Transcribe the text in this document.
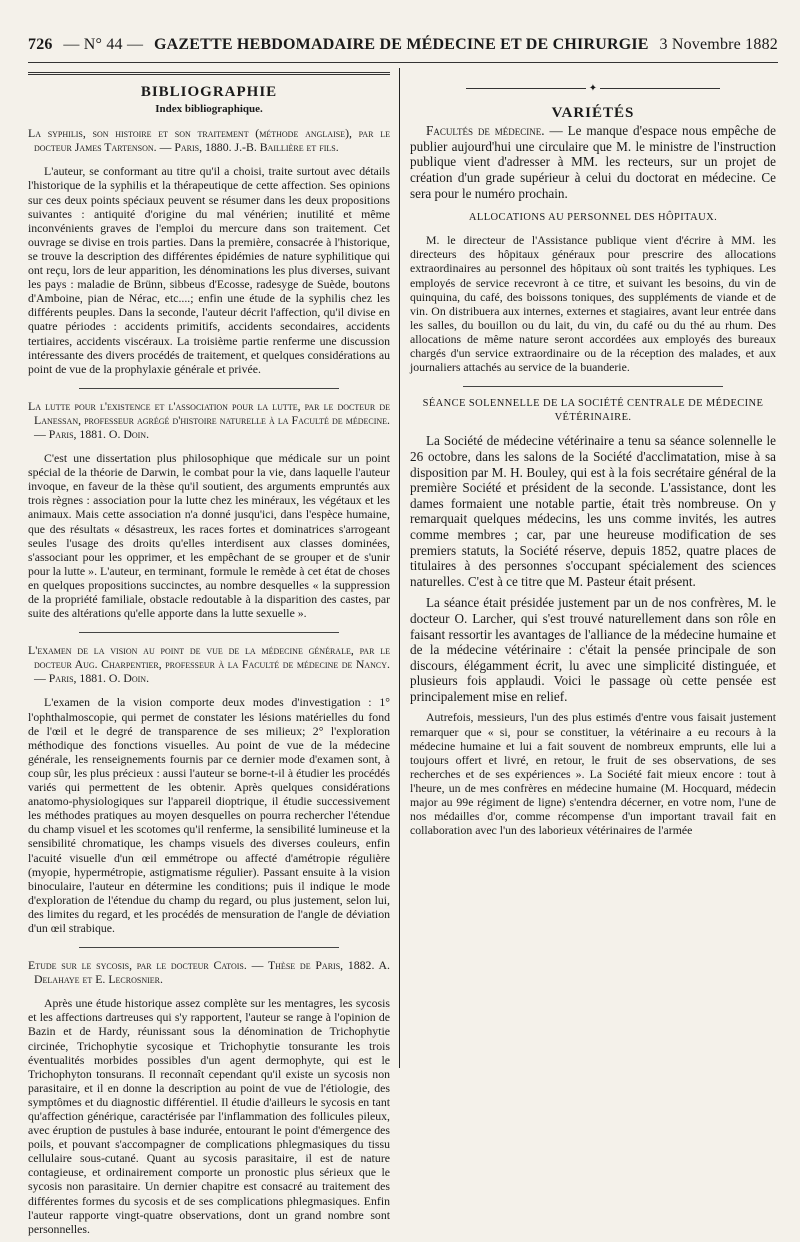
726 — N° 44 — GAZETTE HEBDOMADAIRE DE MÉDECINE ET DE CHIRURGIE 3 Novembre 1882
BIBLIOGRAPHIE
Index bibliographique.
La syphilis, son histoire et son traitement (méthode anglaise), par le docteur James Tartenson. — Paris, 1880. J.-B. Baillière et fils.

L'auteur, se conformant au titre qu'il a choisi, traite surtout avec détails l'historique de la syphilis et la thérapeutique de cette affection. Ses opinions sur ces deux points spéciaux peuvent se résumer dans les deux propositions suivantes : antiquité d'origine du mal vénérien; inutilité et même inconvénients graves de l'emploi du mercure dans son traitement. Cet ouvrage se divise en trois parties. Dans la première, consacrée à l'historique, se trouve la description des différentes épidémies de nature syphilitique qui ont reçu, lors de leur apparition, les dénominations les plus diverses, suivant les pays : maladie de Brünn, sibbeus d'Ecosse, radesyge de Suède, boutons d'Amboine, pian de Nérac, etc....; enfin une étude de la syphilis chez les différents peuples. Dans la seconde, l'auteur décrit l'affection, qu'il divise en quatre périodes : accidents primitifs, accidents secondaires, accidents tertiaires, accidents viscéraux. La troisième partie renferme une discussion intéressante des divers procédés de traitement, et quelques considérations au point de vue de la prophylaxie générale et privée.

La lutte pour l'existence et l'association pour la lutte, par le docteur de Lanessan, professeur agrégé d'histoire naturelle à la Faculté de médecine. — Paris, 1881. O. Doin.

C'est une dissertation plus philosophique que médicale sur un point spécial de la théorie de Darwin, le combat pour la vie, dans laquelle l'auteur invoque, en faveur de la thèse qu'il soutient, des arguments empruntés aux trois règnes : association pour la lutte chez les minéraux, les végétaux et les animaux. Mais cette association n'a donné jusqu'ici, dans l'espèce humaine, que des résultats « désastreux, les races fortes et dominatrices s'arrogeant seules l'usage des droits qu'elles interdisent aux classes dominées, s'associant pour les opprimer, et les empêchant de se grouper et de s'unir pour la lutte ». L'auteur, en terminant, formule le remède à cet état de choses en quelques propositions succinctes, au nombre desquelles « la suppression de la propriété familiale, obstacle redoutable à la disparition des castes, par suite des altérations qu'elle apporte dans la lutte sexuelle ».

L'examen de la vision au point de vue de la médecine générale, par le docteur Aug. Charpentier, professeur à la Faculté de médecine de Nancy. — Paris, 1881. O. Doin.

L'examen de la vision comporte deux modes d'investigation : 1° l'ophthalmoscopie, qui permet de constater les lésions matérielles du fond de l'œil et le degré de transparence de ses milieux; 2° l'exploration méthodique des fonctions visuelles. Au point de vue de la médecine générale, les renseignements fournis par ce dernier mode d'examen sont, à coup sûr, les plus précieux : aussi l'auteur se borne-t-il à étudier les procédés variés qui permettent de les obtenir. Après quelques considérations anatomo-physiologiques sur l'appareil dioptrique, il étudie successivement les méthodes pratiques au moyen desquelles on pourra rechercher l'étendue du champ visuel et les scotomes qu'il renferme, la sensibilité lumineuse et la sensibilité chromatique, les champs visuels des diverses couleurs, enfin l'acuité visuelle d'un œil emmétrope ou affecté d'amétropie régulière (myopie, hypermétropie, astigmatisme régulier). Passant ensuite à la vision binoculaire, l'auteur en détermine les conditions; puis il indique le mode d'exploration de l'étendue du champ du regard, ou plus justement, selon lui, des limites du regard, et les procédés de mensuration de l'angle de déviation d'un œil strabique.

Etude sur le sycosis, par le docteur Catois. — Thèse de Paris, 1882. A. Delahaye et E. Lecrosnier.

Après une étude historique assez complète sur les mentagres, les sycosis et les affections dartreuses qui s'y rapportent, l'auteur se range à l'opinion de Bazin et de Hardy, réunissant sous la dénomination de Trichophytie circinée, Trichophytie sycosique et Trichophytie tonsurante les trois éventualités morbides possibles d'un agent dermophyte, qui est le Trichophyton tonsurans. Il reconnaît cependant qu'il existe un sycosis non parasitaire, et il en donne la description au point de vue de l'étiologie, des symptômes et du diagnostic différentiel. Il étudie d'ailleurs le sycosis en tant qu'affection générique, caractérisée par l'inflammation des follicules pileux, avec éruption de pustules à base indurée, entourant le point d'émergence des poils, et pouvant s'accompagner de complications phlegmasiques du tissu cellulaire sous-cutané. Quant au sycosis parasitaire, il est de nature contagieuse, et ordinairement comporte un pronostic plus sérieux que le sycosis non parasitaire. Un dernier chapitre est consacré au traitement des différentes formes du sycosis et de ses complications phlegmasiques. Enfin l'auteur rapporte vingt-quatre observations, dont un grand nombre sont personnelles.

✦
VARIÉTÉS

Facultés de médecine. — Le manque d'espace nous empêche de publier aujourd'hui une circulaire que M. le ministre de l'instruction publique vient d'adresser à MM. les recteurs, sur un projet de création d'un grade supérieur à celui du doctorat en médecine. Ce sera pour le numéro prochain.

ALLOCATIONS AU PERSONNEL DES HÔPITAUX.

M. le directeur de l'Assistance publique vient d'écrire à MM. les directeurs des hôpitaux généraux pour prescrire des allocations extraordinaires au personnel des hôpitaux où sont traités les typhiques. Les employés de service recevront à ce titre, et suivant les besoins, du vin de quinquina, du café, des boissons toniques, des suppléments de viande et de vin. On distribuera aux internes, externes et stagiaires, avant leur entrée dans les salles, du bouillon ou du lait, du vin, du café ou du thé au rhum. Des allocations de même nature seront accordées aux employés des bureaux chargés d'un service extraordinaire ou de la réception des malades, et aux journaliers attachés au service de la buanderie.

SÉANCE SOLENNELLE DE LA SOCIÉTÉ CENTRALE DE MÉDECINE VÉTÉRINAIRE.

La Société de médecine vétérinaire a tenu sa séance solennelle le 26 octobre, dans les salons de la Société d'acclimatation, mise à sa disposition par M. H. Bouley, qui est à la fois secrétaire général de la première Société et président de la seconde. L'assistance, dont les dames formaient une notable partie, était très nombreuse. On y remarquait quelques médecins, les uns comme invités, les autres comme membres ; car, par une heureuse modification de ses premiers statuts, la Société réserve, depuis 1852, quatre places de titulaires à des personnes s'occupant spécialement des sciences naturelles. C'est à ce titre que M. Pasteur était présent.

La séance était présidée justement par un de nos confrères, M. le docteur O. Larcher, qui s'est trouvé naturellement dans son rôle en faisant ressortir les avantages de l'alliance de la médecine humaine et de la médecine vétérinaire : c'était la pensée principale de son discours, élégamment écrit, lu avec une simplicité distinguée, et plusieurs fois applaudi. Voici le passage où cette pensée est principalement mise en relief.

Autrefois, messieurs, l'un des plus estimés d'entre vous faisait justement remarquer que « si, pour se constituer, la vétérinaire a eu recours à la médecine humaine et lui a fait souvent de nombreux emprunts, elle lui a toujours offert et livré, en retour, le fruit de ses observations, de ses recherches et de ses expériences ». La Société fait mieux encore : tout à l'heure, un de mes confrères en médecine humaine (M. Hocquard, médecin major au 99e régiment de ligne) s'entendra décerner, en votre nom, l'une de nos médailles d'or, comme récompense d'un important travail fait en collaboration avec l'un des laborieux vétérinaires de l'armée
